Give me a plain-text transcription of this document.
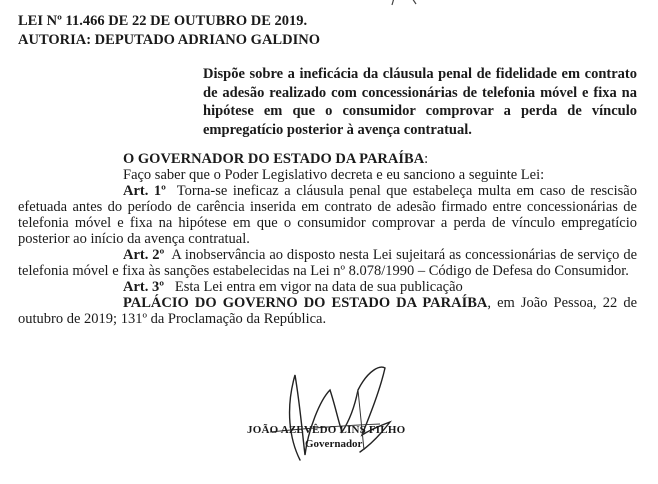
LEI Nº 11.466 DE 22 DE OUTUBRO DE 2019.
AUTORIA: DEPUTADO ADRIANO GALDINO
Dispõe sobre a ineficácia da cláusula penal de fidelidade em contrato de adesão realizado com concessionárias de telefonia móvel e fixa na hipótese em que o consumidor comprovar a perda de vínculo empregatício posterior à avença contratual.
O GOVERNADOR DO ESTADO DA PARAÍBA:
Faço saber que o Poder Legislativo decreta e eu sanciono a seguinte Lei:
Art. 1º Torna-se ineficaz a cláusula penal que estabeleça multa em caso de rescisão efetuada antes do período de carência inserida em contrato de adesão firmado entre concessionárias de telefonia móvel e fixa na hipótese em que o consumidor comprovar a perda de vínculo empregatício posterior ao início da avença contratual.
Art. 2º A inobservância ao disposto nesta Lei sujeitará as concessionárias de serviço de telefonia móvel e fixa às sanções estabelecidas na Lei nº 8.078/1990 – Código de Defesa do Consumidor.
Art. 3º Esta Lei entra em vigor na data de sua publicação
PALÁCIO DO GOVERNO DO ESTADO DA PARAÍBA, em João Pessoa, 22 de outubro de 2019; 131º da Proclamação da República.
JOÃO AZEVÊDO LINS FILHO
Governador
